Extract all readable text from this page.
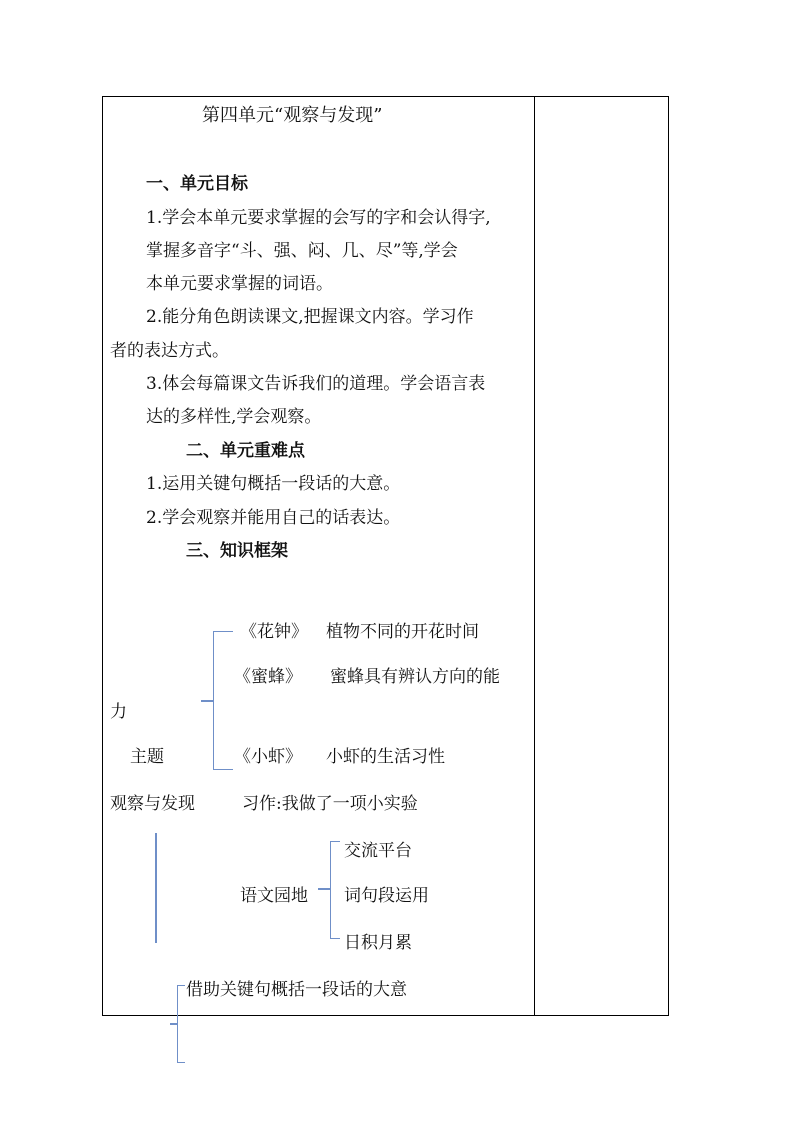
第四单元“观察与发现”
一、单元目标
1.学会本单元要求掌握的会写的字和会认得字,
掌握多音字“斗、强、闷、几、尽”等,学会
本单元要求掌握的词语。
2.能分角色朗读课文,把握课文内容。学习作
者的表达方式。
3.体会每篇课文告诉我们的道理。学会语言表
达的多样性,学会观察。
二、单元重难点
1.运用关键句概括一段话的大意。
2.学会观察并能用自己的话表达。
三、知识框架
《花钟》 植物不同的开花时间
《蜜蜂》 蜜蜂具有辨认方向的能
力
主题	《小虾》 小虾的生活习性
观察与发现	习作:我做了一项小实验
语文园地
交流平台
词句段运用
日积月累
借助关键句概括一段话的大意
